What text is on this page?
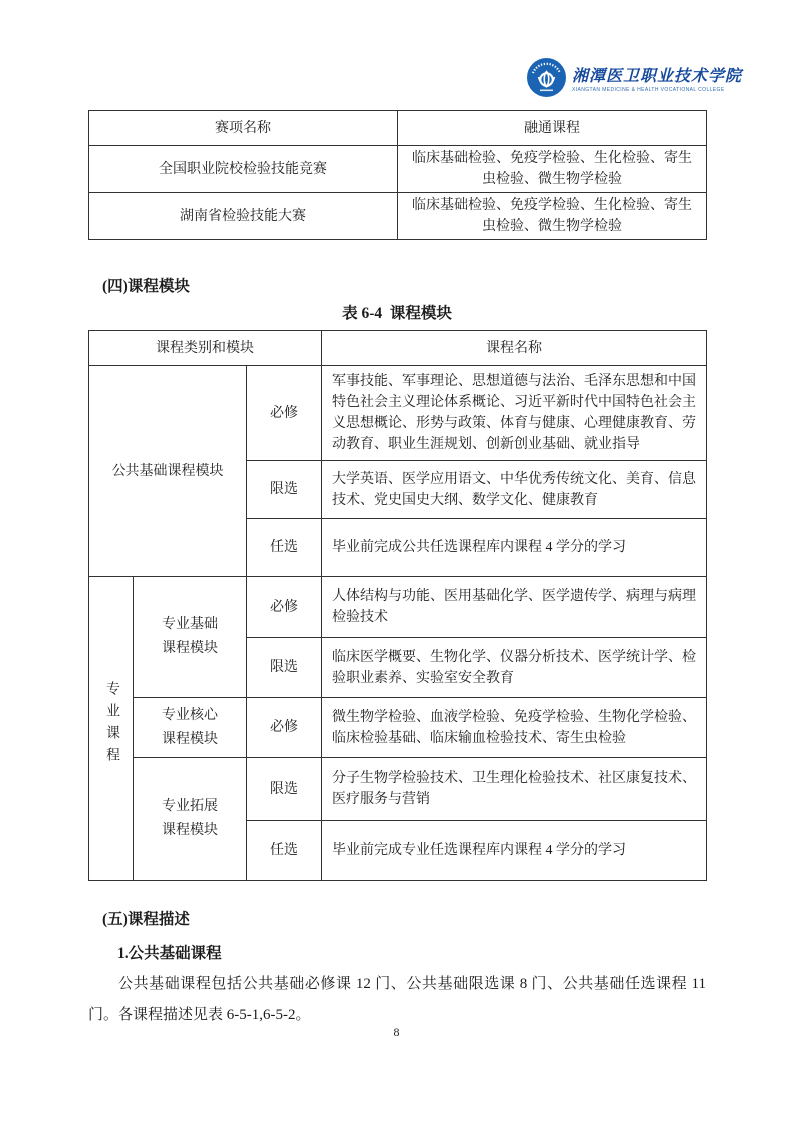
湘潭医卫职业技术学院
XIANGTAN MEDICINE & HEALTH VOCATIONAL COLLEGE
赛项名称	融通课程
全国职业院校检验技能竞赛	临床基础检验、免疫学检验、生化检验、寄生虫检验、微生物学检验
湖南省检验技能大赛	临床基础检验、免疫学检验、生化检验、寄生虫检验、微生物学检验
(四)课程模块
表 6-4  课程模块
课程类别和模块			课程名称
公共基础课程模块		必修	军事技能、军事理论、思想道德与法治、毛泽东思想和中国特色社会主义理论体系概论、习近平新时代中国特色社会主义思想概论、形势与政策、体育与健康、心理健康教育、劳动教育、职业生涯规划、创新创业基础、就业指导
		限选	大学英语、医学应用语文、中华优秀传统文化、美育、信息技术、党史国史大纲、数学文化、健康教育
		任选	毕业前完成公共任选课程库内课程 4 学分的学习
专业课程	专业基础课程模块	必修	人体结构与功能、医用基础化学、医学遗传学、病理与病理检验技术
		限选	临床医学概要、生物化学、仪器分析技术、医学统计学、检验职业素养、实验室安全教育
	专业核心课程模块	必修	微生物学检验、血液学检验、免疫学检验、生物化学检验、临床检验基础、临床输血检验技术、寄生虫检验
	专业拓展课程模块	限选	分子生物学检验技术、卫生理化检验技术、社区康复技术、医疗服务与营销
		任选	毕业前完成专业任选课程库内课程 4 学分的学习
(五)课程描述
1.公共基础课程
公共基础课程包括公共基础必修课 12 门、公共基础限选课 8 门、公共基础任选课程 11 门。各课程描述见表 6-5-1,6-5-2。
8
